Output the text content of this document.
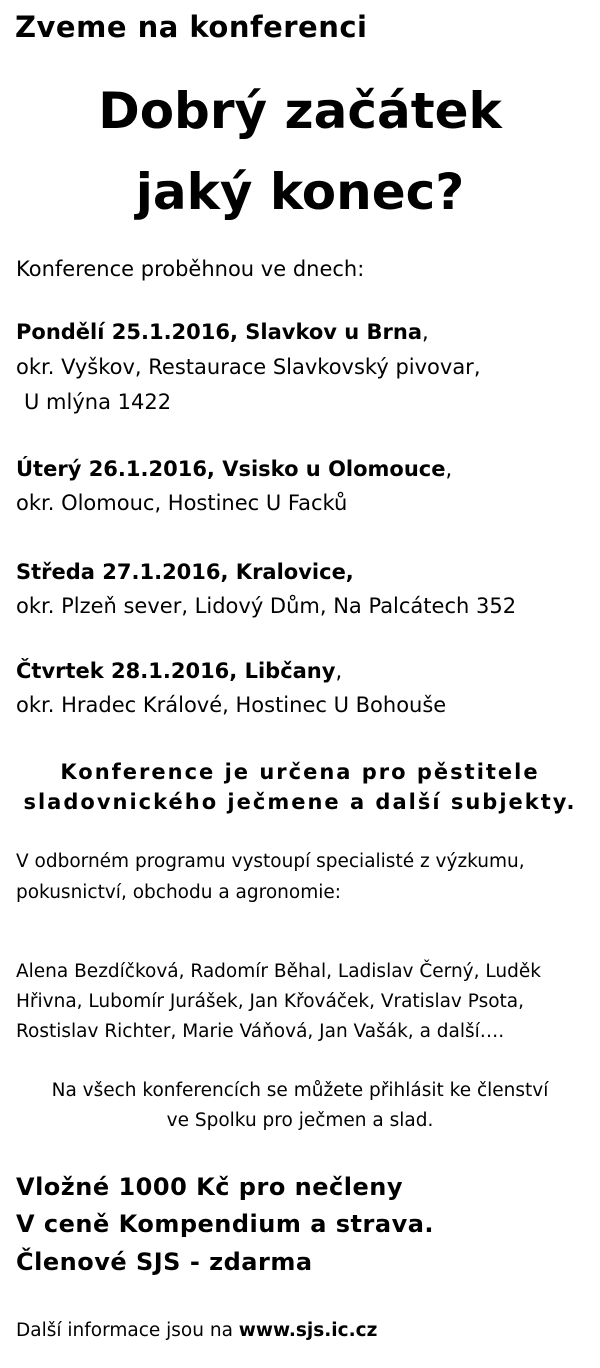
Zveme na konferenci
Dobrý začátek
jaký konec?
Konference proběhnou ve dnech:
Pondělí 25.1.2016, Slavkov u Brna,
okr. Vyškov, Restaurace Slavkovský pivovar,
U mlýna 1422
Úterý 26.1.2016, Vsisko u Olomouce,
okr. Olomouc, Hostinec U Facků
Středa 27.1.2016, Kralovice,
okr. Plzeň sever, Lidový Dům, Na Palcátech 352
Čtvrtek 28.1.2016, Libčany,
okr. Hradec Králové, Hostinec U Bohouše
Konference je určena pro pěstitele
sladovnického ječmene a další subjekty.
V odborném programu vystoupí specialisté z výzkumu,
pokusnictví, obchodu a agronomie:
Alena Bezdíčková, Radomír Běhal, Ladislav Černý, Luděk
Hřivna, Lubomír Jurášek, Jan Křováček, Vratislav Psota,
Rostislav Richter, Marie Váňová, Jan Vašák, a další….
Na všech konferencích se můžete přihlásit ke členství
ve Spolku pro ječmen a slad.
Vložné 1000 Kč pro nečleny
V ceně Kompendium a strava.
Členové SJS - zdarma
Další informace jsou na www.sjs.ic.cz
